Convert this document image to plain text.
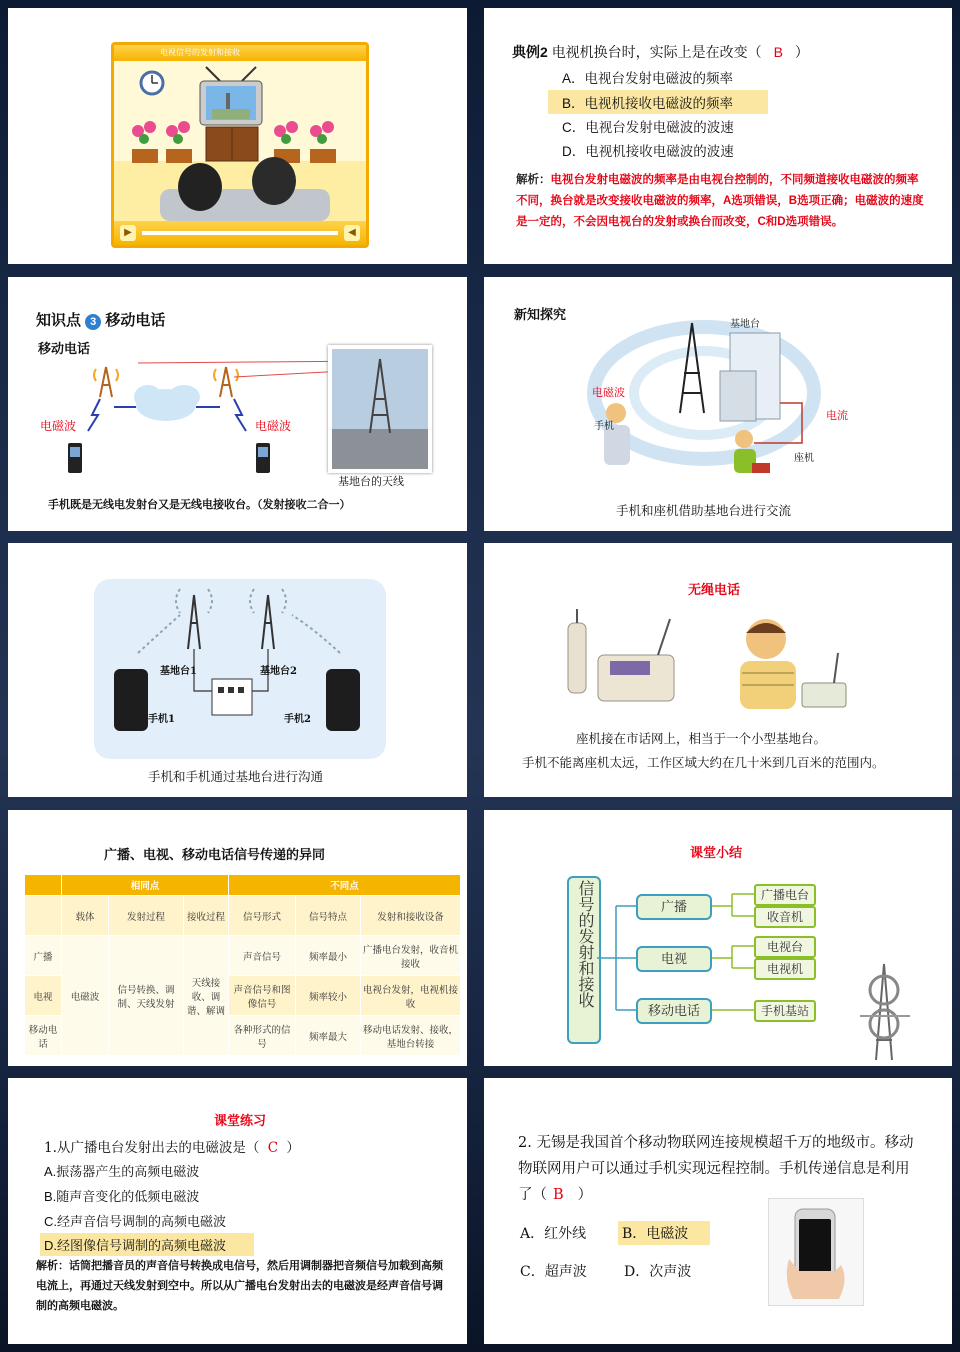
电视信号的发射和接收
▶	◀
典例2 电视机换台时，实际上是在改变（ B ）
A．电视台发射电磁波的频率
B．电视机接收电磁波的频率
C．电视台发射电磁波的波速
D．电视机接收电磁波的波速
解析：电视台发射电磁波的频率是由电视台控制的，不同频道接收电磁波的频率不同，换台就是改变接收电磁波的频率，A选项错误，B选项正确；电磁波的速度是一定的，不会因电视台的发射或换台而改变，C和D选项错误。
知识点 3 移动电话
移动电话
电磁波	电磁波
基地台的天线
手机既是无线电发射台又是无线电接收台。（发射接收二合一）
新知探究
基地台
电磁波
手机
电流
座机
手机和座机借助基地台进行交流
基地台1	基地台2
手机1	手机2
手机和手机通过基地台进行沟通
无绳电话
座机接在市话网上，相当于一个小型基地台。
手机不能离座机太远，工作区域大约在几十米到几百米的范围内。
广播、电视、移动电话信号传递的异同
	相同点			不同点		
	载体	发射过程	接收过程	信号形式	信号特点	发射和接收设备
广播	电磁波	信号转换、调制、天线发射	天线接收、调谐、解调	声音信号	频率最小	广播电台发射，收音机接收
电视				声音信号和图像信号	频率较小	电视台发射，电视机接收
移动电话				各种形式的信号	频率最大	移动电话发射、接收，基地台转接
课堂小结
信号的发射和接收	广播
电视
移动电话
广播电台
收音机
电视台
电视机
手机基站
课堂练习
1.从广播电台发射出去的电磁波是（ C ）
A.振荡器产生的高频电磁波
B.随声音变化的低频电磁波
C.经声音信号调制的高频电磁波
D.经图像信号调制的高频电磁波
解析：话筒把播音员的声音信号转换成电信号，然后用调制器把音频信号加载到高频电流上，再通过天线发射到空中。所以从广播电台发射出去的电磁波是经声音信号调制的高频电磁波。
2. 无锡是我国首个移动物联网连接规模超千万的地级市。移动物联网用户可以通过手机实现远程控制。手机传递信息是利用了（ B ）
A．红外线	B．电磁波
C．超声波	D．次声波
